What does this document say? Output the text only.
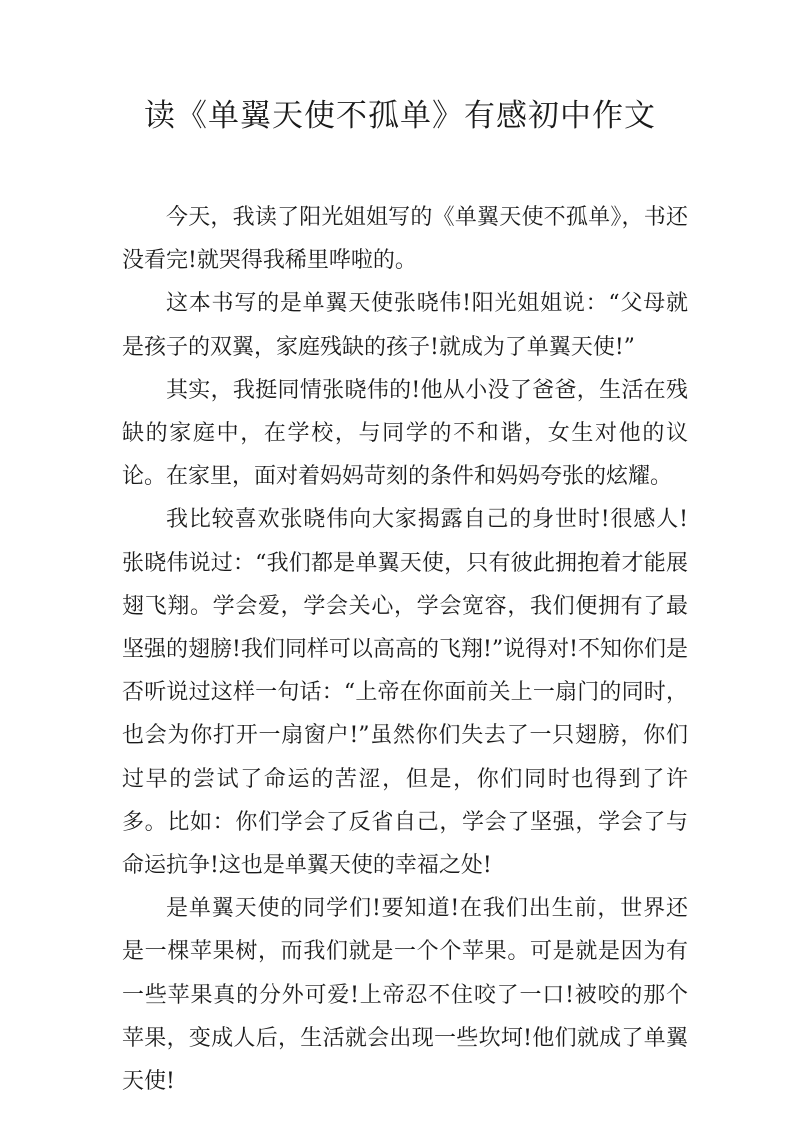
读《单翼天使不孤单》有感初中作文

今天，我读了阳光姐姐写的《单翼天使不孤单》，书还没看完!就哭得我稀里哗啦的。

这本书写的是单翼天使张晓伟!阳光姐姐说：“父母就是孩子的双翼，家庭残缺的孩子!就成为了单翼天使!”

其实，我挺同情张晓伟的!他从小没了爸爸，生活在残缺的家庭中，在学校，与同学的不和谐，女生对他的议论。在家里，面对着妈妈苛刻的条件和妈妈夸张的炫耀。

我比较喜欢张晓伟向大家揭露自己的身世时!很感人!张晓伟说过：“我们都是单翼天使，只有彼此拥抱着才能展翅飞翔。学会爱，学会关心，学会宽容，我们便拥有了最坚强的翅膀!我们同样可以高高的飞翔!”说得对!不知你们是否听说过这样一句话：“上帝在你面前关上一扇门的同时，也会为你打开一扇窗户!”虽然你们失去了一只翅膀，你们过早的尝试了命运的苦涩，但是，你们同时也得到了许多。比如：你们学会了反省自己，学会了坚强，学会了与命运抗争!这也是单翼天使的幸福之处!

是单翼天使的同学们!要知道!在我们出生前，世界还是一棵苹果树，而我们就是一个个苹果。可是就是因为有一些苹果真的分外可爱!上帝忍不住咬了一口!被咬的那个苹果，变成人后，生活就会出现一些坎坷!他们就成了单翼天使!
